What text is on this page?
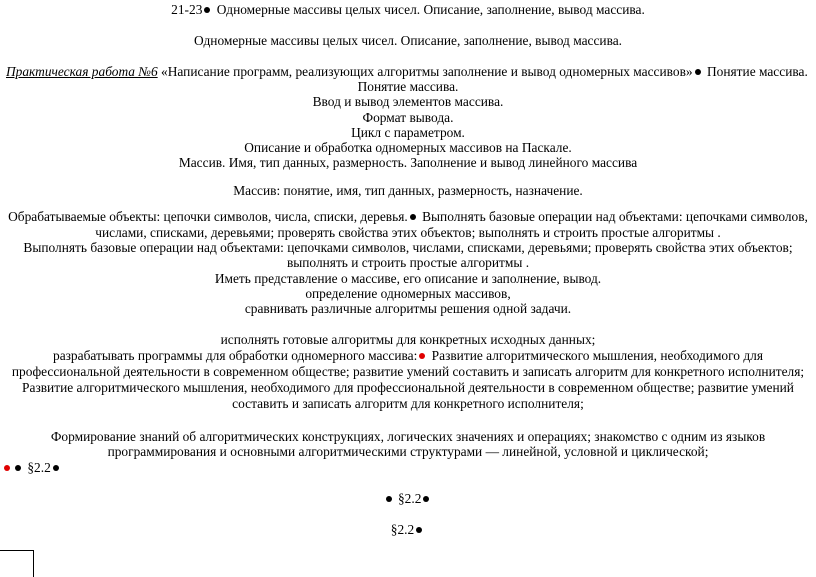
21-23 Одномерные массивы целых чисел. Описание, заполнение, вывод массива.
Одномерные массивы целых чисел. Описание, заполнение, вывод массива.
Практическая работа №6 «Написание программ, реализующих алгоритмы заполнение и вывод одномерных массивов» Понятие массива.
Понятие массива.
Ввод и вывод элементов массива.
Формат вывода.
Цикл с параметром.
Описание и обработка одномерных массивов на Паскале.
Массив. Имя, тип данных, размерность. Заполнение и вывод линейного массива
Массив: понятие, имя, тип данных, размерность, назначение.
Обрабатываемые объекты: цепочки символов, числа, списки, деревья. Выполнять базовые операции над объектами: цепочками символов,
числами, списками, деревьями; проверять свойства этих объектов; выполнять и строить простые алгоритмы .
Выполнять базовые операции над объектами: цепочками символов, числами, списками, деревьями; проверять свойства этих объектов;
выполнять и строить простые алгоритмы .
Иметь представление о массиве, его описание и заполнение, вывод.
определение одномерных массивов,
сравнивать различные алгоритмы решения одной задачи.
исполнять готовые алгоритмы для конкретных исходных данных;
разрабатывать программы для обработки одномерного массива: Развитие алгоритмического мышления, необходимого для
профессиональной деятельности в современном обществе; развитие умений составить и записать алгоритм для конкретного исполнителя;
Развитие алгоритмического мышления, необходимого для профессиональной деятельности в современном обществе; развитие умений
составить и записать алгоритм для конкретного исполнителя;
Формирование знаний об алгоритмических конструкциях, логических значениях и операциях; знакомство с одним из языков
программирования и основными алгоритмическими структурами — линейной, условной и циклической;
§2.2
§2.2
§2.2
